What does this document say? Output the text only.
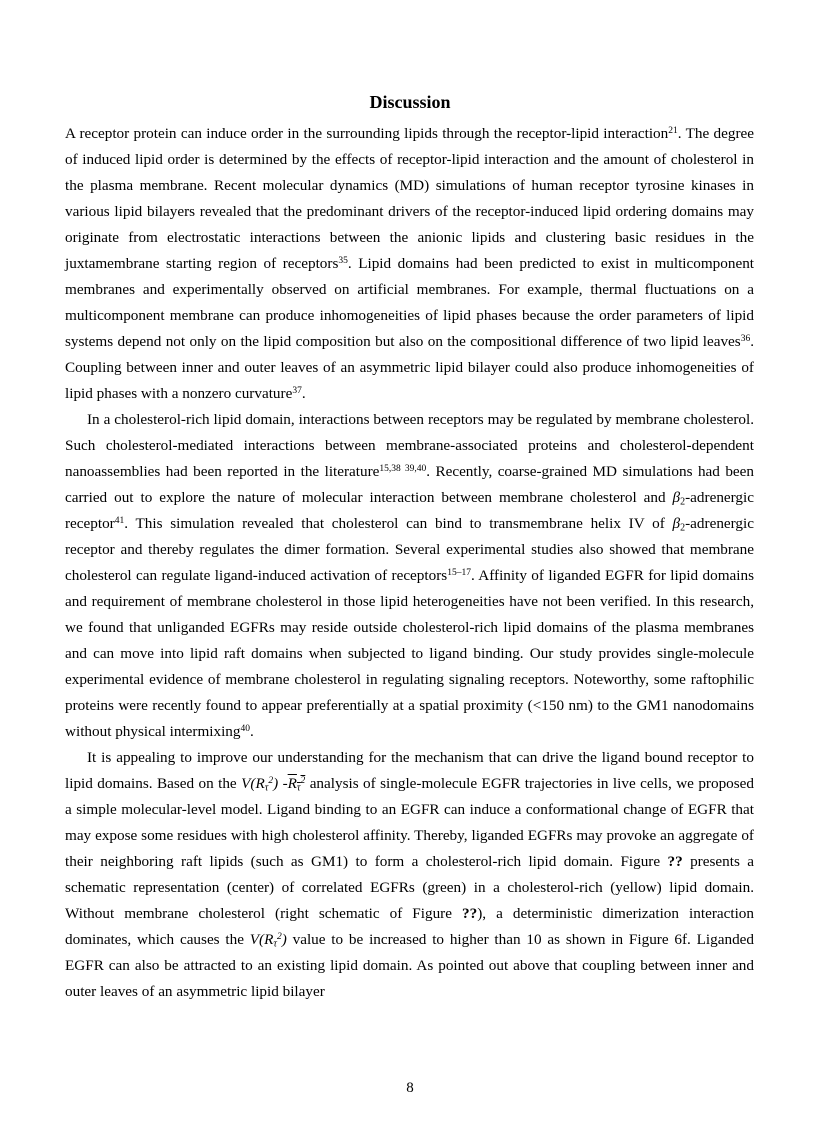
Discussion

A receptor protein can induce order in the surrounding lipids through the receptor-lipid interaction$^{21}$. The degree of induced lipid order is determined by the effects of receptor-lipid interaction and the amount of cholesterol in the plasma membrane. Recent molecular dynamics (MD) simulations of human receptor tyrosine kinases in various lipid bilayers revealed that the predominant drivers of the receptor-induced lipid ordering domains may originate from electrostatic interactions between the anionic lipids and clustering basic residues in the juxtamembrane starting region of receptors$^{35}$. Lipid domains had been predicted to exist in multicomponent membranes and experimentally observed on artificial membranes. For example, thermal fluctuations on a multicomponent membrane can produce inhomogeneities of lipid phases because the order parameters of lipid systems depend not only on the lipid composition but also on the compositional difference of two lipid leaves$^{36}$. Coupling between inner and outer leaves of an asymmetric lipid bilayer could also produce inhomogeneities of lipid phases with a nonzero curvature$^{37}$.

In a cholesterol-rich lipid domain, interactions between receptors may be regulated by membrane cholesterol. Such cholesterol-mediated interactions between membrane-associated proteins and cholesterol-dependent nanoassemblies had been reported in the literature$^{15,38 39,40}$. Recently, coarse-grained MD simulations had been carried out to explore the nature of molecular interaction between membrane cholesterol and $\beta_2$-adrenergic receptor$^{41}$. This simulation revealed that cholesterol can bind to transmembrane helix IV of $\beta_2$-adrenergic receptor and thereby regulates the dimer formation. Several experimental studies also showed that membrane cholesterol can regulate ligand-induced activation of receptors$^{15-17}$. Affinity of liganded EGFR for lipid domains and requirement of membrane cholesterol in those lipid heterogeneities have not been verified. In this research, we found that unliganded EGFRs may reside outside cholesterol-rich lipid domains of the plasma membranes and can move into lipid raft domains when subjected to ligand binding. Our study provides single-molecule experimental evidence of membrane cholesterol in regulating signaling receptors. Noteworthy, some raftophilic proteins were recently found to appear preferentially at a spatial proximity (<150 nm) to the GM1 nanodomains without physical intermixing$^{40}$.

It is appealing to improve our understanding for the mechanism that can drive the ligand bound receptor to lipid domains. Based on the $V(R_\tau^2)$ $-R_\tau^2$ analysis of single-molecule EGFR trajectories in live cells, we proposed a simple molecular-level model. Ligand binding to an EGFR can induce a conformational change of EGFR that may expose some residues with high cholesterol affinity. Thereby, liganded EGFRs may provoke an aggregate of their neighboring raft lipids (such as GM1) to form a cholesterol-rich lipid domain. Figure ?? presents a schematic representation (center) of correlated EGFRs (green) in a cholesterol-rich (yellow) lipid domain. Without membrane cholesterol (right schematic of Figure ??), a deterministic dimerization interaction dominates, which causes the $V(R_\tau^2)$ value to be increased to higher than 10 as shown in Figure 6f. Liganded EGFR can also be attracted to an existing lipid domain. As pointed out above that coupling between inner and outer leaves of an asymmetric lipid bilayer

8
